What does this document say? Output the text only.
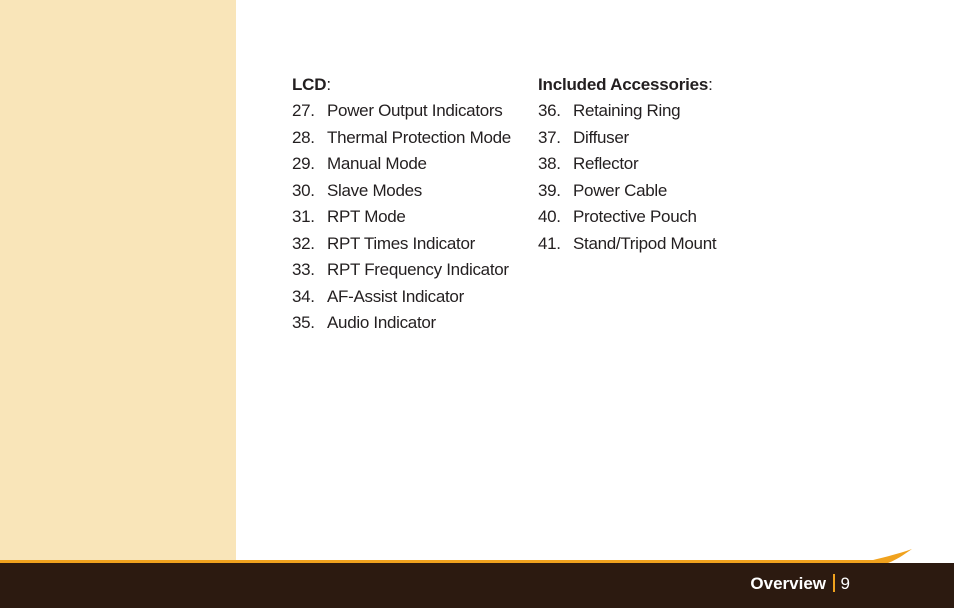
LCD:
27. Power Output Indicators
28. Thermal Protection Mode
29. Manual Mode
30. Slave Modes
31. RPT Mode
32. RPT Times Indicator
33. RPT Frequency Indicator
34. AF-Assist Indicator
35. Audio Indicator
Included Accessories:
36. Retaining Ring
37. Diffuser
38. Reflector
39. Power Cable
40. Protective Pouch
41. Stand/Tripod Mount
Overview 9
